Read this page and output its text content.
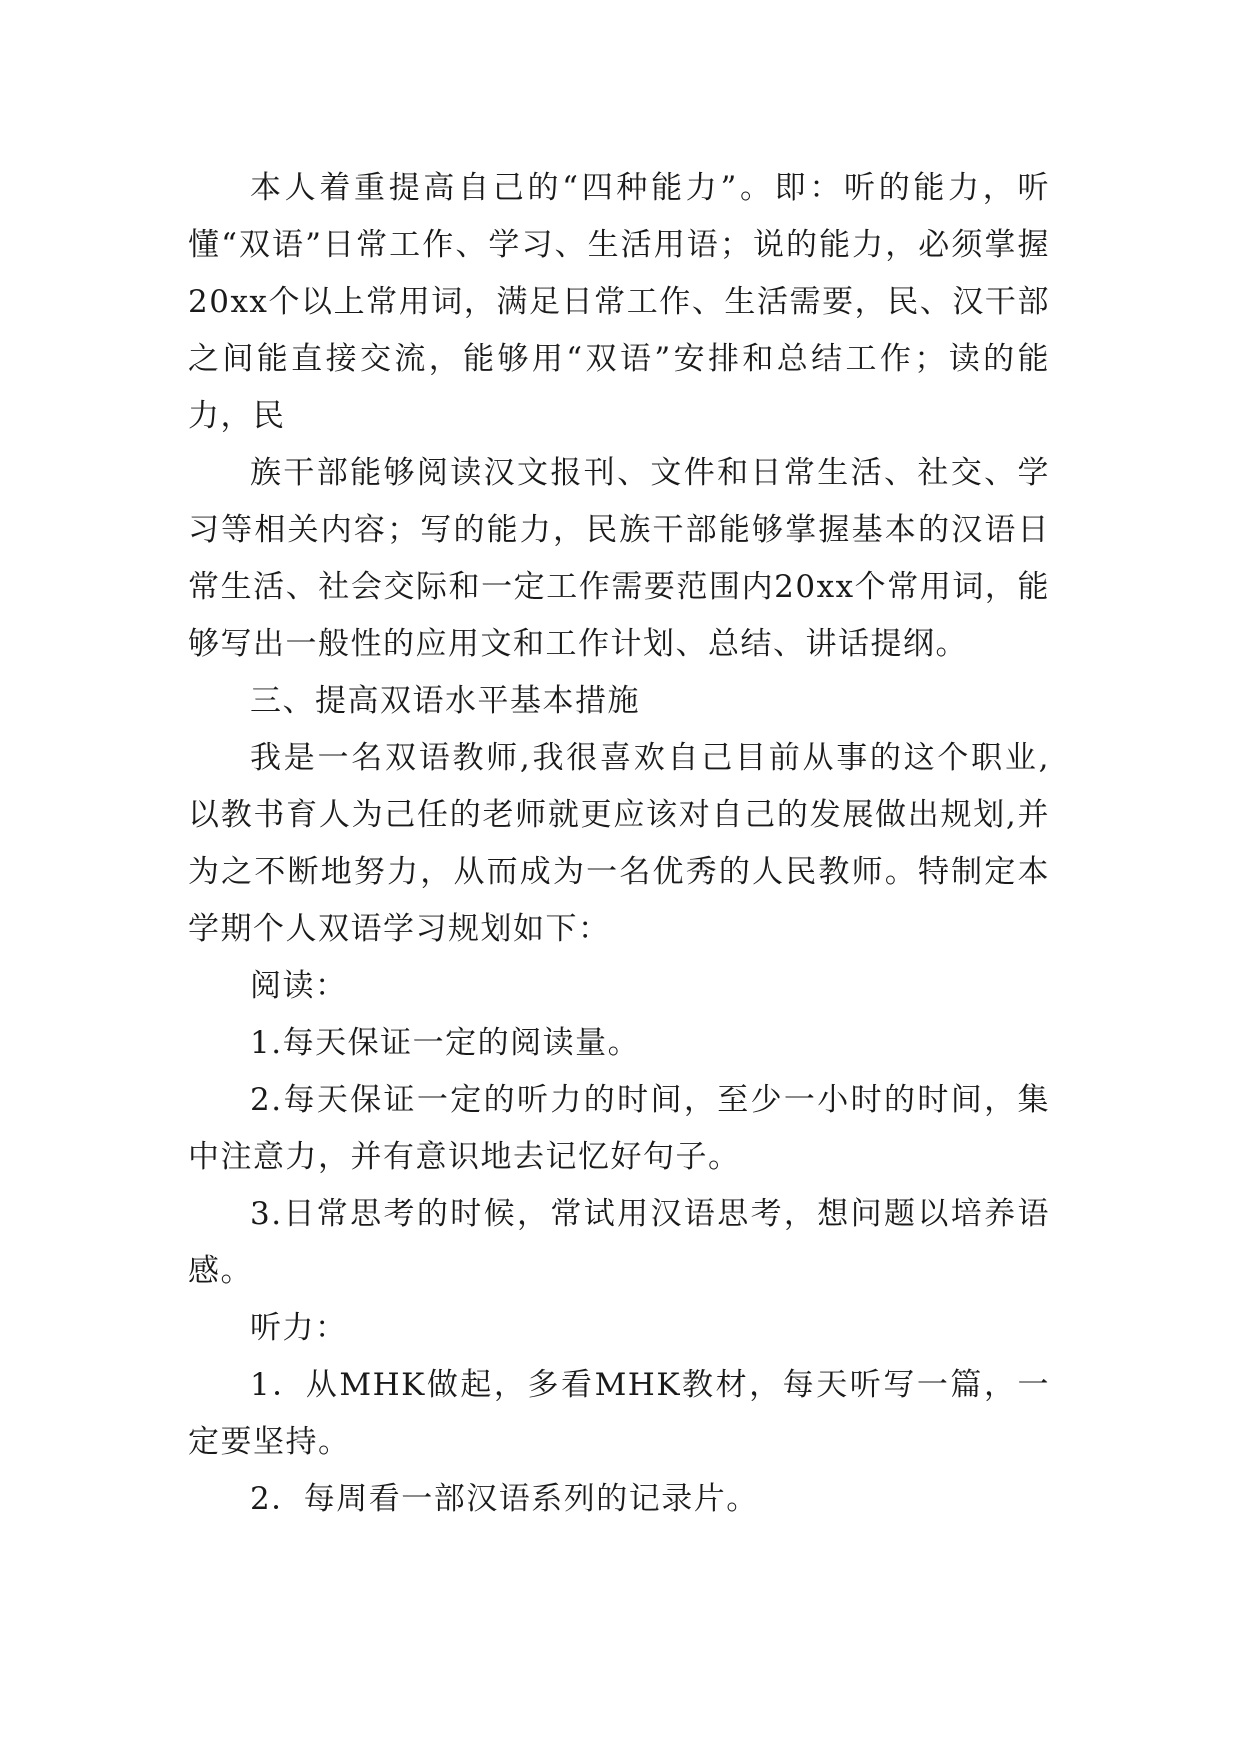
本人着重提高自己的“四种能力”。即：听的能力，听懂“双语”日常工作、学习、生活用语；说的能力，必须掌握20xx个以上常用词，满足日常工作、生活需要，民、汉干部之间能直接交流，能够用“双语”安排和总结工作；读的能力，民

族干部能够阅读汉文报刊、文件和日常生活、社交、学习等相关内容；写的能力，民族干部能够掌握基本的汉语日常生活、社会交际和一定工作需要范围内20xx个常用词，能够写出一般性的应用文和工作计划、总结、讲话提纲。

三、提高双语水平基本措施

我是一名双语教师,我很喜欢自己目前从事的这个职业,以教书育人为己任的老师就更应该对自己的发展做出规划,并为之不断地努力，从而成为一名优秀的人民教师。特制定本学期个人双语学习规划如下：

阅读：

1.每天保证一定的阅读量。

2.每天保证一定的听力的时间，至少一小时的时间，集中注意力，并有意识地去记忆好句子。

3.日常思考的时候，常试用汉语思考，想问题以培养语感。

听力：

1．从MHK做起，多看MHK教材，每天听写一篇，一定要坚持。

2．每周看一部汉语系列的记录片。
